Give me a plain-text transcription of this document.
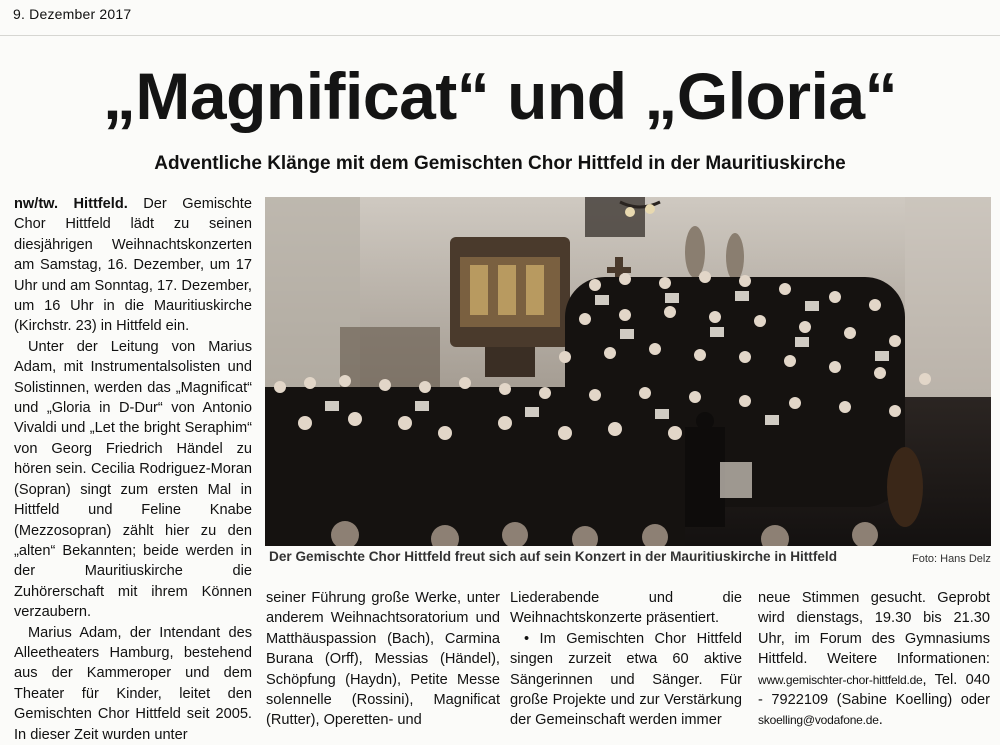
9. Dezember 2017
„Magnificat“ und „Gloria“
Adventliche Klänge mit dem Gemischten Chor Hittfeld in der Mauritiuskirche

nw/tw. Hittfeld. Der Gemischte Chor Hittfeld lädt zu seinen diesjährigen Weihnachtskonzerten am Samstag, 16. Dezember, um 17 Uhr und am Sonntag, 17. Dezember, um 16 Uhr in die Mauritiuskirche (Kirchstr. 23) in Hittfeld ein.

Unter der Leitung von Marius Adam, mit Instrumentalsolisten und Solistinnen, werden das „Magnificat“ und „Gloria in D-Dur“ von Antonio Vivaldi und „Let the bright Seraphim“ von Georg Friedrich Händel zu hören sein. Cecilia Rodriguez-Moran (Sopran) singt zum ersten Mal in Hittfeld und Feline Knabe (Mezzosopran) zählt hier zu den „alten“ Bekannten; beide werden in der Mauritiuskirche die Zuhörerschaft mit ihrem Können verzaubern.

Marius Adam, der Intendant des Alleetheaters Hamburg, bestehend aus der Kammeroper und dem Theater für Kinder, leitet den Gemischten Chor Hittfeld seit 2005. In dieser Zeit wurden unter

Der Gemischte Chor Hittfeld freut sich auf sein Konzert in der Mauritiuskirche in Hittfeld	Foto: Hans Delz

seiner Führung große Werke, unter anderem Weihnachtsoratorium und Matthäuspassion (Bach), Carmina Burana (Orff), Messias (Händel), Schöpfung (Haydn), Petite Messe solennelle (Rossini), Magnificat (Rutter), Operetten- und

Liederabende und die Weihnachtskonzerte präsentiert.

• Im Gemischten Chor Hittfeld singen zurzeit etwa 60 aktive Sängerinnen und Sänger. Für große Projekte und zur Verstärkung der Gemeinschaft werden immer

neue Stimmen gesucht. Geprobt wird dienstags, 19.30 bis 21.30 Uhr, im Forum des Gymnasiums Hittfeld. Weitere Informationen: www.gemischter-chor-hittfeld.de, Tel. 040 - 7922109 (Sabine Koelling) oder skoelling@vodafone.de.
